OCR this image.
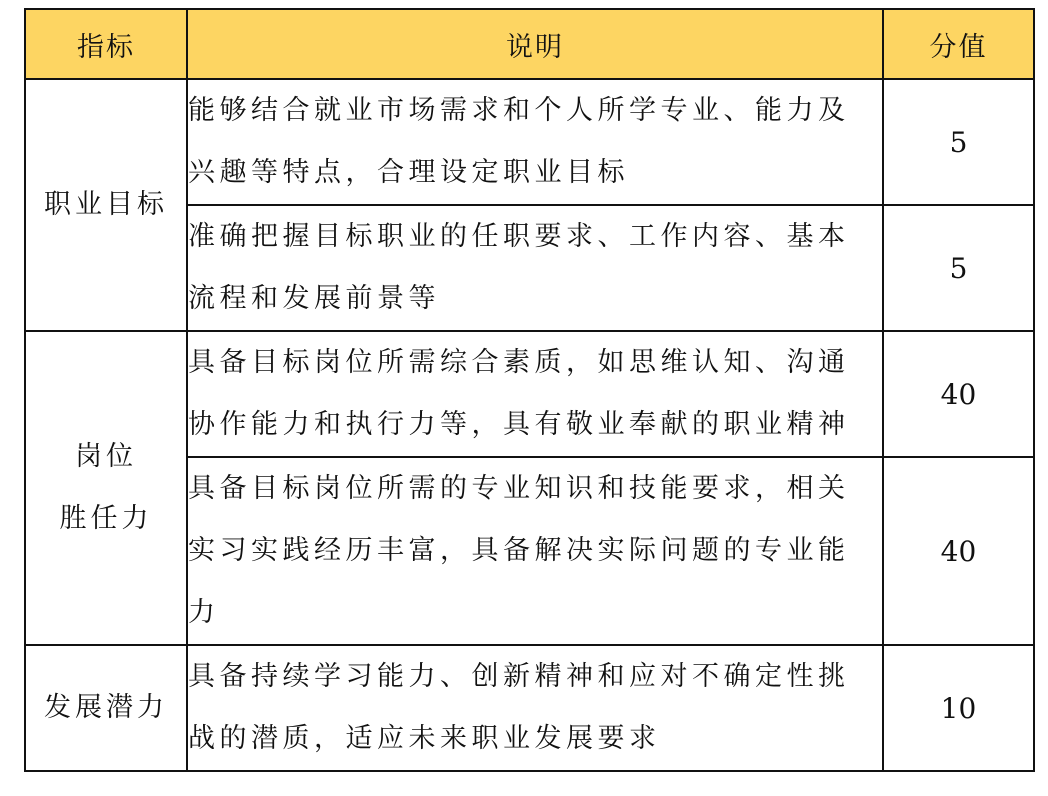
指标	说明	分值

职业目标	能够结合就业市场需求和个人所学专业、能力及
兴趣等特点，合理设定职业目标	5

	准确把握目标职业的任职要求、工作内容、基本
流程和发展前景等	5

岗位
胜任力	具备目标岗位所需综合素质，如思维认知、沟通
协作能力和执行力等，具有敬业奉献的职业精神	40

	具备目标岗位所需的专业知识和技能要求，相关
实习实践经历丰富，具备解决实际问题的专业能
力	40

发展潜力	具备持续学习能力、创新精神和应对不确定性挑
战的潜质，适应未来职业发展要求	10
